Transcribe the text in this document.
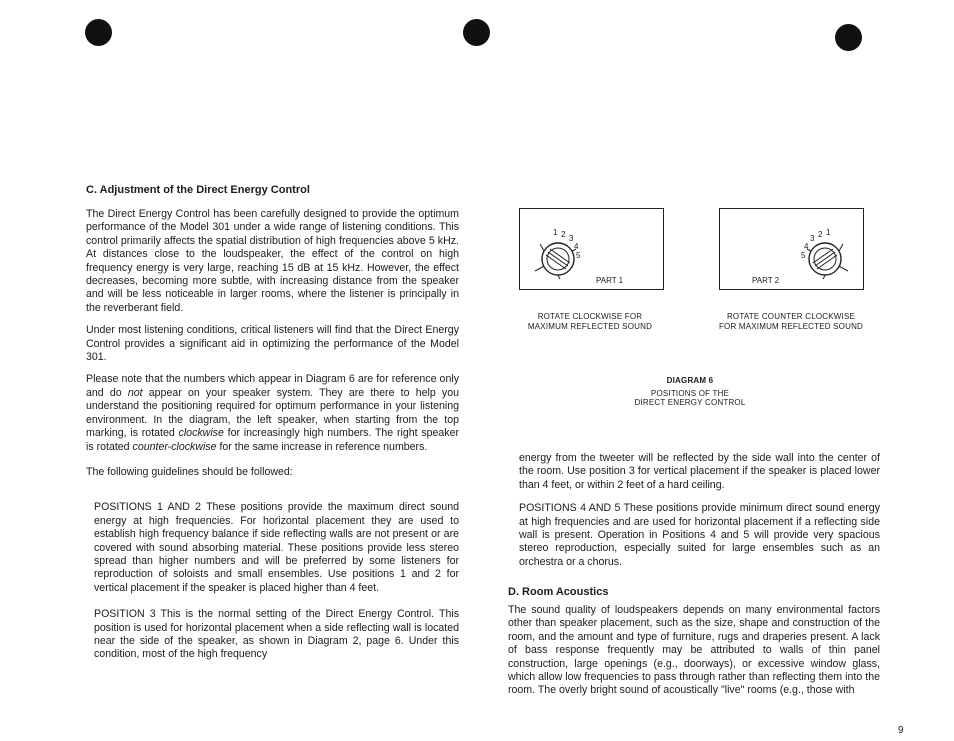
C. Adjustment of the Direct Energy Control

The Direct Energy Control has been carefully designed to provide the optimum performance of the Model 301 under a wide range of listening conditions. This control primarily affects the spatial distribution of high frequencies above 5 kHz. At distances close to the loudspeaker, the effect of the control on high frequency energy is very large, reaching 15 dB at 15 kHz. However, the effect decreases, becoming more subtle, with increasing distance from the speaker and will be less noticeable in larger rooms, where the listener is principally in the reverberant field.

Under most listening conditions, critical listeners will find that the Direct Energy Control provides a significant aid in optimizing the performance of the Model 301.

Please note that the numbers which appear in Diagram 6 are for reference only and do not appear on your speaker system. They are there to help you understand the positioning required for optimum performance in your listening environment. In the diagram, the left speaker, when starting from the top marking, is rotated clockwise for increasingly high numbers. The right speaker is rotated counter-clockwise for the same increase in reference numbers.

The following guidelines should be followed:

POSITIONS 1 AND 2 These positions provide the maximum direct sound energy at high frequencies. For horizontal placement they are used to establish high frequency balance if side reflecting walls are not present or are covered with sound absorbing material. These positions provide less stereo spread than higher numbers and will be preferred by some listeners for reproduction of soloists and small ensembles. Use positions 1 and 2 for vertical placement if the speaker is placed higher than 4 feet.

POSITION 3 This is the normal setting of the Direct Energy Control. This position is used for horizontal placement when a side reflecting wall is located near the side of the speaker, as shown in Diagram 2, page 6. Under this condition, most of the high frequency

1 2 3
4
5
PART 1
1
2
3
4
5
PART 2
ROTATE CLOCKWISE FOR
MAXIMUM REFLECTED SOUND
ROTATE COUNTER CLOCKWISE
FOR MAXIMUM REFLECTED SOUND
DIAGRAM 6
POSITIONS OF THE
DIRECT ENERGY CONTROL

energy from the tweeter will be reflected by the side wall into the center of the room. Use position 3 for vertical placement if the speaker is placed lower than 4 feet, or within 2 feet of a hard ceiling.

POSITIONS 4 AND 5 These positions provide minimum direct sound energy at high frequencies and are used for horizontal placement if a reflecting side wall is present. Operation in Positions 4 and 5 will provide very spacious stereo reproduction, especially suited for large ensembles such as an orchestra or a chorus.

D. Room Acoustics

The sound quality of loudspeakers depends on many environmental factors other than speaker placement, such as the size, shape and construction of the room, and the amount and type of furniture, rugs and draperies present. A lack of bass response frequently may be attributed to walls of thin panel construction, large openings (e.g., doorways), or excessive window glass, which allow low frequencies to pass through rather than reflecting them into the room. The overly bright sound of acoustically "live" rooms (e.g., those with

9
